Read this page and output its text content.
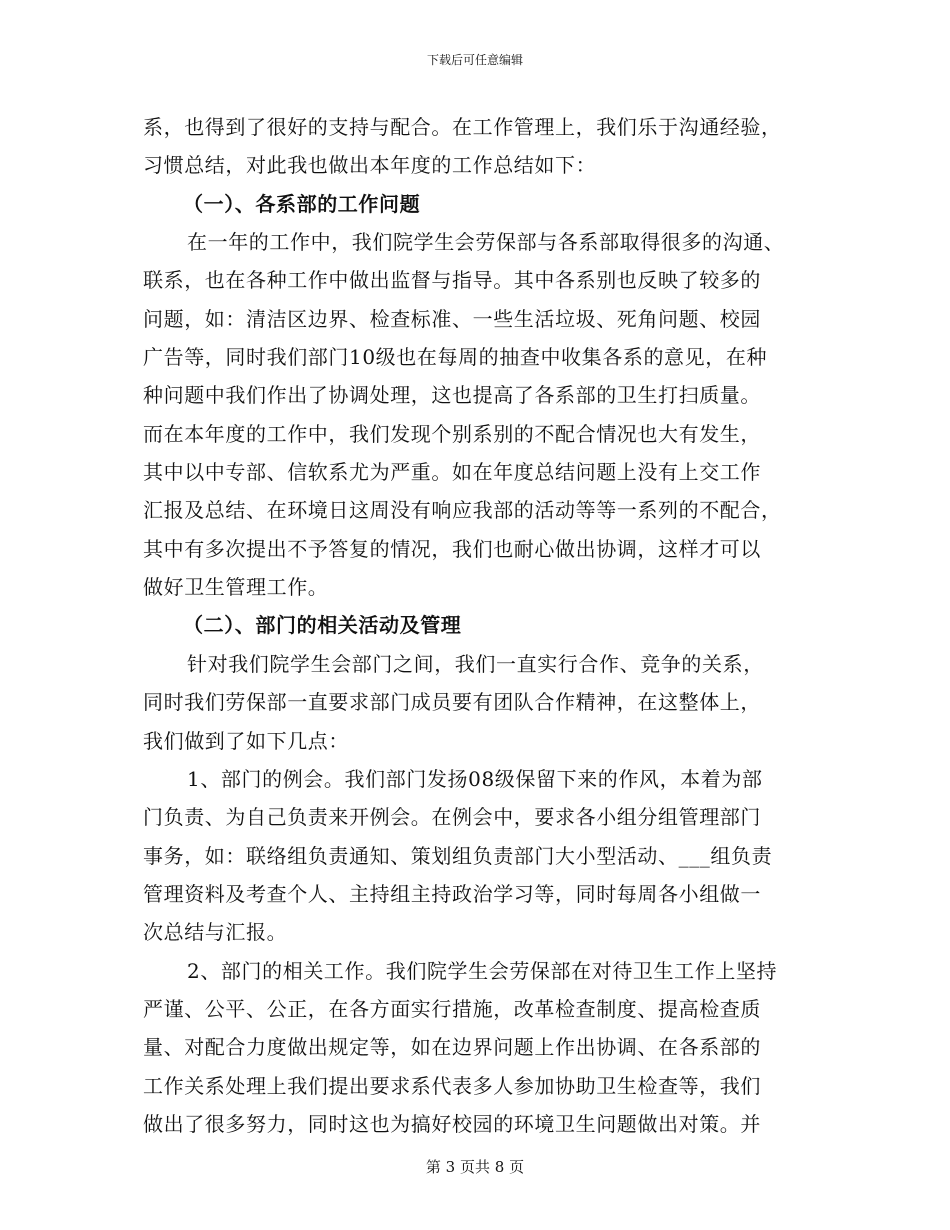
下载后可任意编辑
系，也得到了很好的支持与配合。在工作管理上，我们乐于沟通经验，
习惯总结，对此我也做出本年度的工作总结如下：
（一）、各系部的工作问题
在一年的工作中，我们院学生会劳保部与各系部取得很多的沟通、
联系，也在各种工作中做出监督与指导。其中各系别也反映了较多的
问题，如：清洁区边界、检查标准、一些生活垃圾、死角问题、校园
广告等，同时我们部门10级也在每周的抽查中收集各系的意见，在种
种问题中我们作出了协调处理，这也提高了各系部的卫生打扫质量。
而在本年度的工作中，我们发现个别系别的不配合情况也大有发生，
其中以中专部、信软系尤为严重。如在年度总结问题上没有上交工作
汇报及总结、在环境日这周没有响应我部的活动等等一系列的不配合，
其中有多次提出不予答复的情况，我们也耐心做出协调，这样才可以
做好卫生管理工作。
（二）、部门的相关活动及管理
针对我们院学生会部门之间，我们一直实行合作、竞争的关系，
同时我们劳保部一直要求部门成员要有团队合作精神，在这整体上，
我们做到了如下几点：
1、部门的例会。我们部门发扬08级保留下来的作风，本着为部
门负责、为自己负责来开例会。在例会中，要求各小组分组管理部门
事务，如：联络组负责通知、策划组负责部门大小型活动、___组负责
管理资料及考查个人、主持组主持政治学习等，同时每周各小组做一
次总结与汇报。
2、部门的相关工作。我们院学生会劳保部在对待卫生工作上坚持
严谨、公平、公正，在各方面实行措施，改革检查制度、提高检查质
量、对配合力度做出规定等，如在边界问题上作出协调、在各系部的
工作关系处理上我们提出要求系代表多人参加协助卫生检查等，我们
做出了很多努力，同时这也为搞好校园的环境卫生问题做出对策。并
第 3 页共 8 页
